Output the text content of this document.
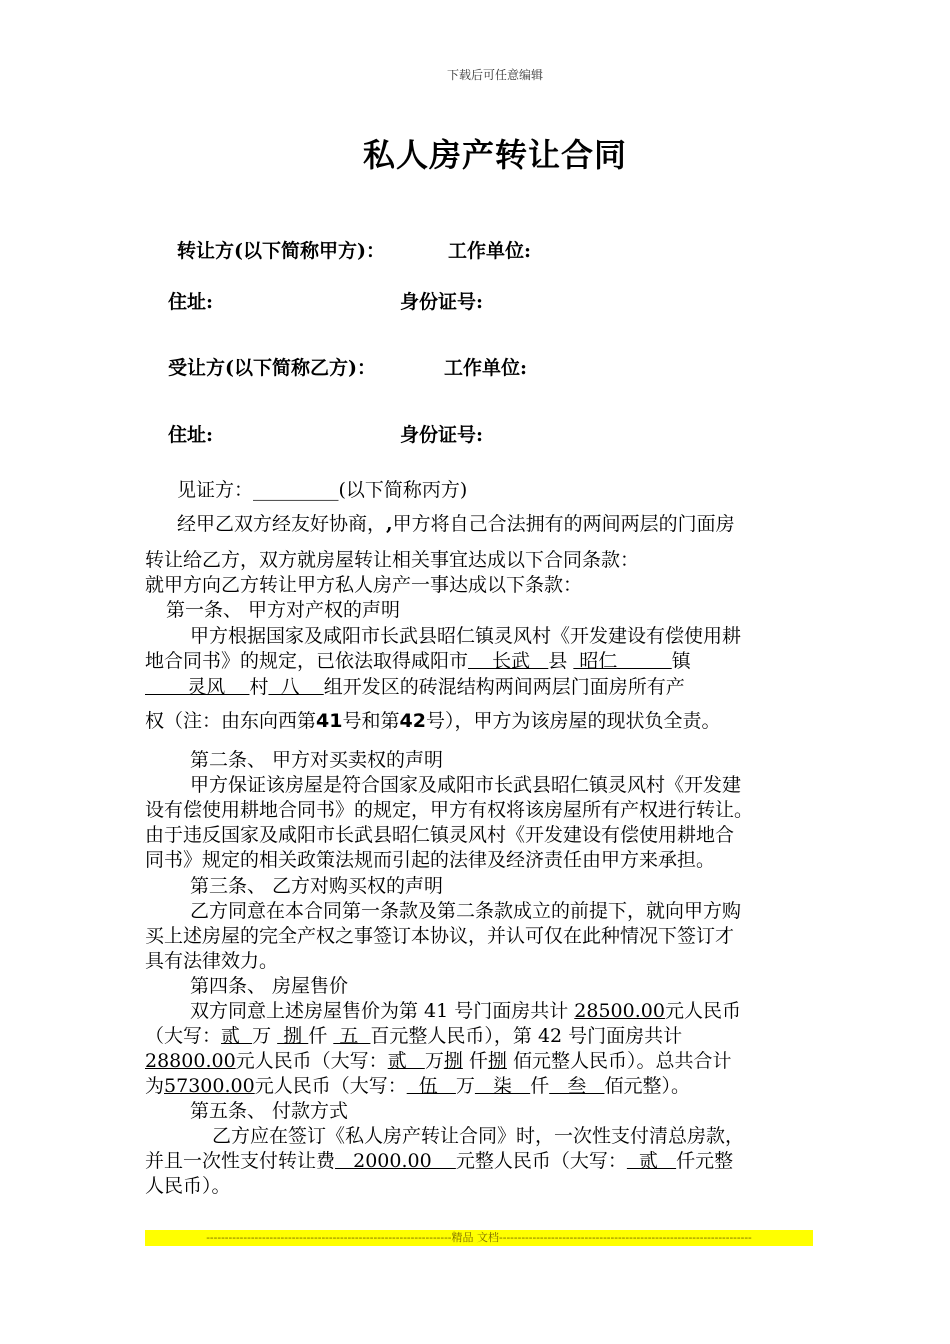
下载后可任意编辑
私人房产转让合同
转让方(以下简称甲方)：	工作单位:
住址:	身份证号:
受让方(以下简称乙方)：	工作单位:
住址:	身份证号:
见证方：_________(以下简称丙方)
经甲乙双方经友好协商，,甲方将自己合法拥有的两间两层的门面房
转让给乙方，双方就房屋转让相关事宜达成以下合同条款：
就甲方向乙方转让甲方私人房产一事达成以下条款：
第一条、 甲方对产权的声明
甲方根据国家及咸阳市长武县昭仁镇灵风村《开发建设有偿使用耕
地合同书》的规定，已依法取得咸阳市    长武   县  昭仁         镇
灵风    村  八    组开发区的砖混结构两间两层门面房所有产
权（注：由东向西第41号和第42号），甲方为该房屋的现状负全责。
第二条、 甲方对买卖权的声明
甲方保证该房屋是符合国家及咸阳市长武县昭仁镇灵风村《开发建
设有偿使用耕地合同书》的规定，甲方有权将该房屋所有产权进行转让。
由于违反国家及咸阳市长武县昭仁镇灵风村《开发建设有偿使用耕地合
同书》规定的相关政策法规而引起的法律及经济责任由甲方来承担。
第三条、 乙方对购买权的声明
乙方同意在本合同第一条款及第二条款成立的前提下，就向甲方购
买上述房屋的完全产权之事签订本协议，并认可仅在此种情况下签订才
具有法律效力。
第四条、 房屋售价
双方同意上述房屋售价为第 41 号门面房共计 28500.00元人民币
（大写：贰  万  捌 仟  五  百元整人民币），第 42 号门面房共计
28800.00元人民币（大写：贰   万捌 仟捌 佰元整人民币）。总共合计
为57300.00元人民币（大写：  伍   万   柒   仟   叁   佰元整）。
第五条、 付款方式
乙方应在签订《私人房产转让合同》时，一次性支付清总房款，
并且一次性支付转让费   2000.00    元整人民币（大写：  贰   仟元整
人民币）。
------------------------------------------------------------------精品 文档--------------------------------------------------------------------
